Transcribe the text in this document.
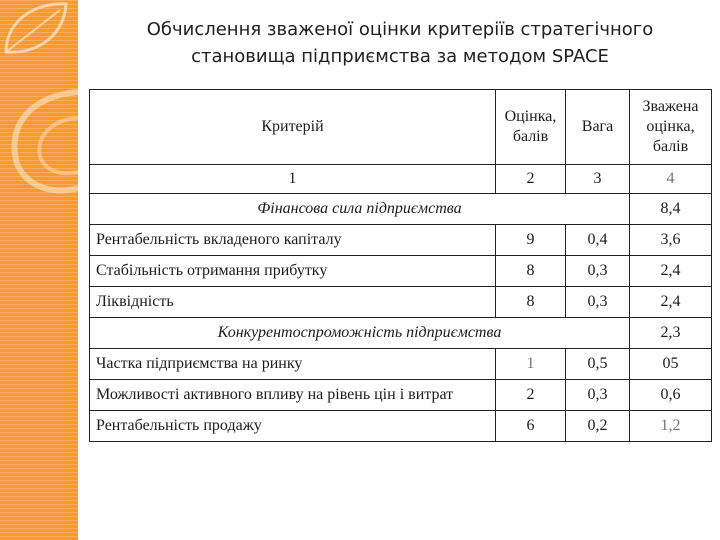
Обчислення зваженої оцінки критеріїв стратегічного
становища підприємства за методом SPACE
Критерій	Оцінка, балів	Вага	Зважена оцінка, балів
1	2	3	4
Фінансова сила підприємства			8,4
Рентабельність вкладеного капіталу	9	0,4	3,6
Стабільність отримання прибутку	8	0,3	2,4
Ліквідність	8	0,3	2,4
Конкурентоспроможність підприємства			2,3
Частка підприємства на ринку	1	0,5	05
Можливості активного впливу на рівень цін і витрат	2	0,3	0,6
Рентабельність продажу	6	0,2	1,2
